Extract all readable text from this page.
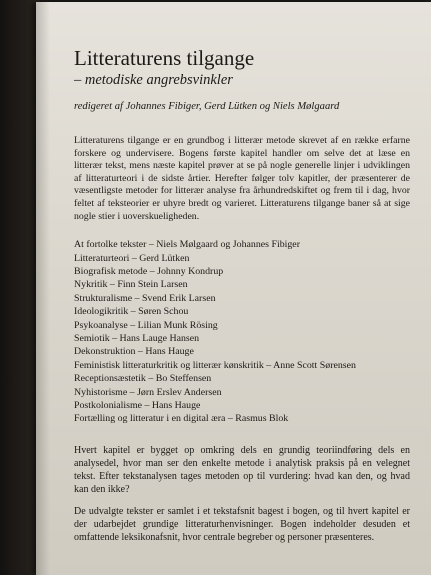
Litteraturens tilgange

– metodiske angrebsvinkler

redigeret af Johannes Fibiger, Gerd Lütken og Niels Mølgaard

Litteraturens tilgange er en grundbog i litterær metode skrevet af en række erfarne forskere og undervisere. Bogens første kapitel handler om selve det at læse en litterær tekst, mens næste kapitel prøver at se på nogle generelle linjer i udviklingen af litteraturteori i de sidste årtier. Herefter følger tolv kapitler, der præsenterer de væsentligste metoder for litterær analyse fra århundredskiftet og frem til i dag, hvor feltet af teksteorier er uhyre bredt og varieret. Litteraturens tilgange baner så at sige nogle stier i uoverskueligheden.

At fortolke tekster – Niels Mølgaard og Johannes Fibiger
Litteraturteori – Gerd Lütken
Biografisk metode – Johnny Kondrup
Nykritik – Finn Stein Larsen
Strukturalisme – Svend Erik Larsen
Ideologikritik – Søren Schou
Psykoanalyse – Lilian Munk Rösing
Semiotik – Hans Lauge Hansen
Dekonstruktion – Hans Hauge
Feministisk litteraturkritik og litterær kønskritik – Anne Scott Sørensen
Receptionsæstetik – Bo Steffensen
Nyhistorisme – Jørn Erslev Andersen
Postkolonialisme – Hans Hauge
Fortælling og litteratur i en digital æra – Rasmus Blok

Hvert kapitel er bygget op omkring dels en grundig teoriindføring dels en analysedel, hvor man ser den enkelte metode i analytisk praksis på en velegnet tekst. Efter tekstanalysen tages metoden op til vurdering: hvad kan den, og hvad kan den ikke?

De udvalgte tekster er samlet i et tekstafsnit bagest i bogen, og til hvert kapitel er der udarbejdet grundige litteraturhenvisninger. Bogen indeholder desuden et omfattende leksikonafsnit, hvor centrale begreber og personer præsenteres.
